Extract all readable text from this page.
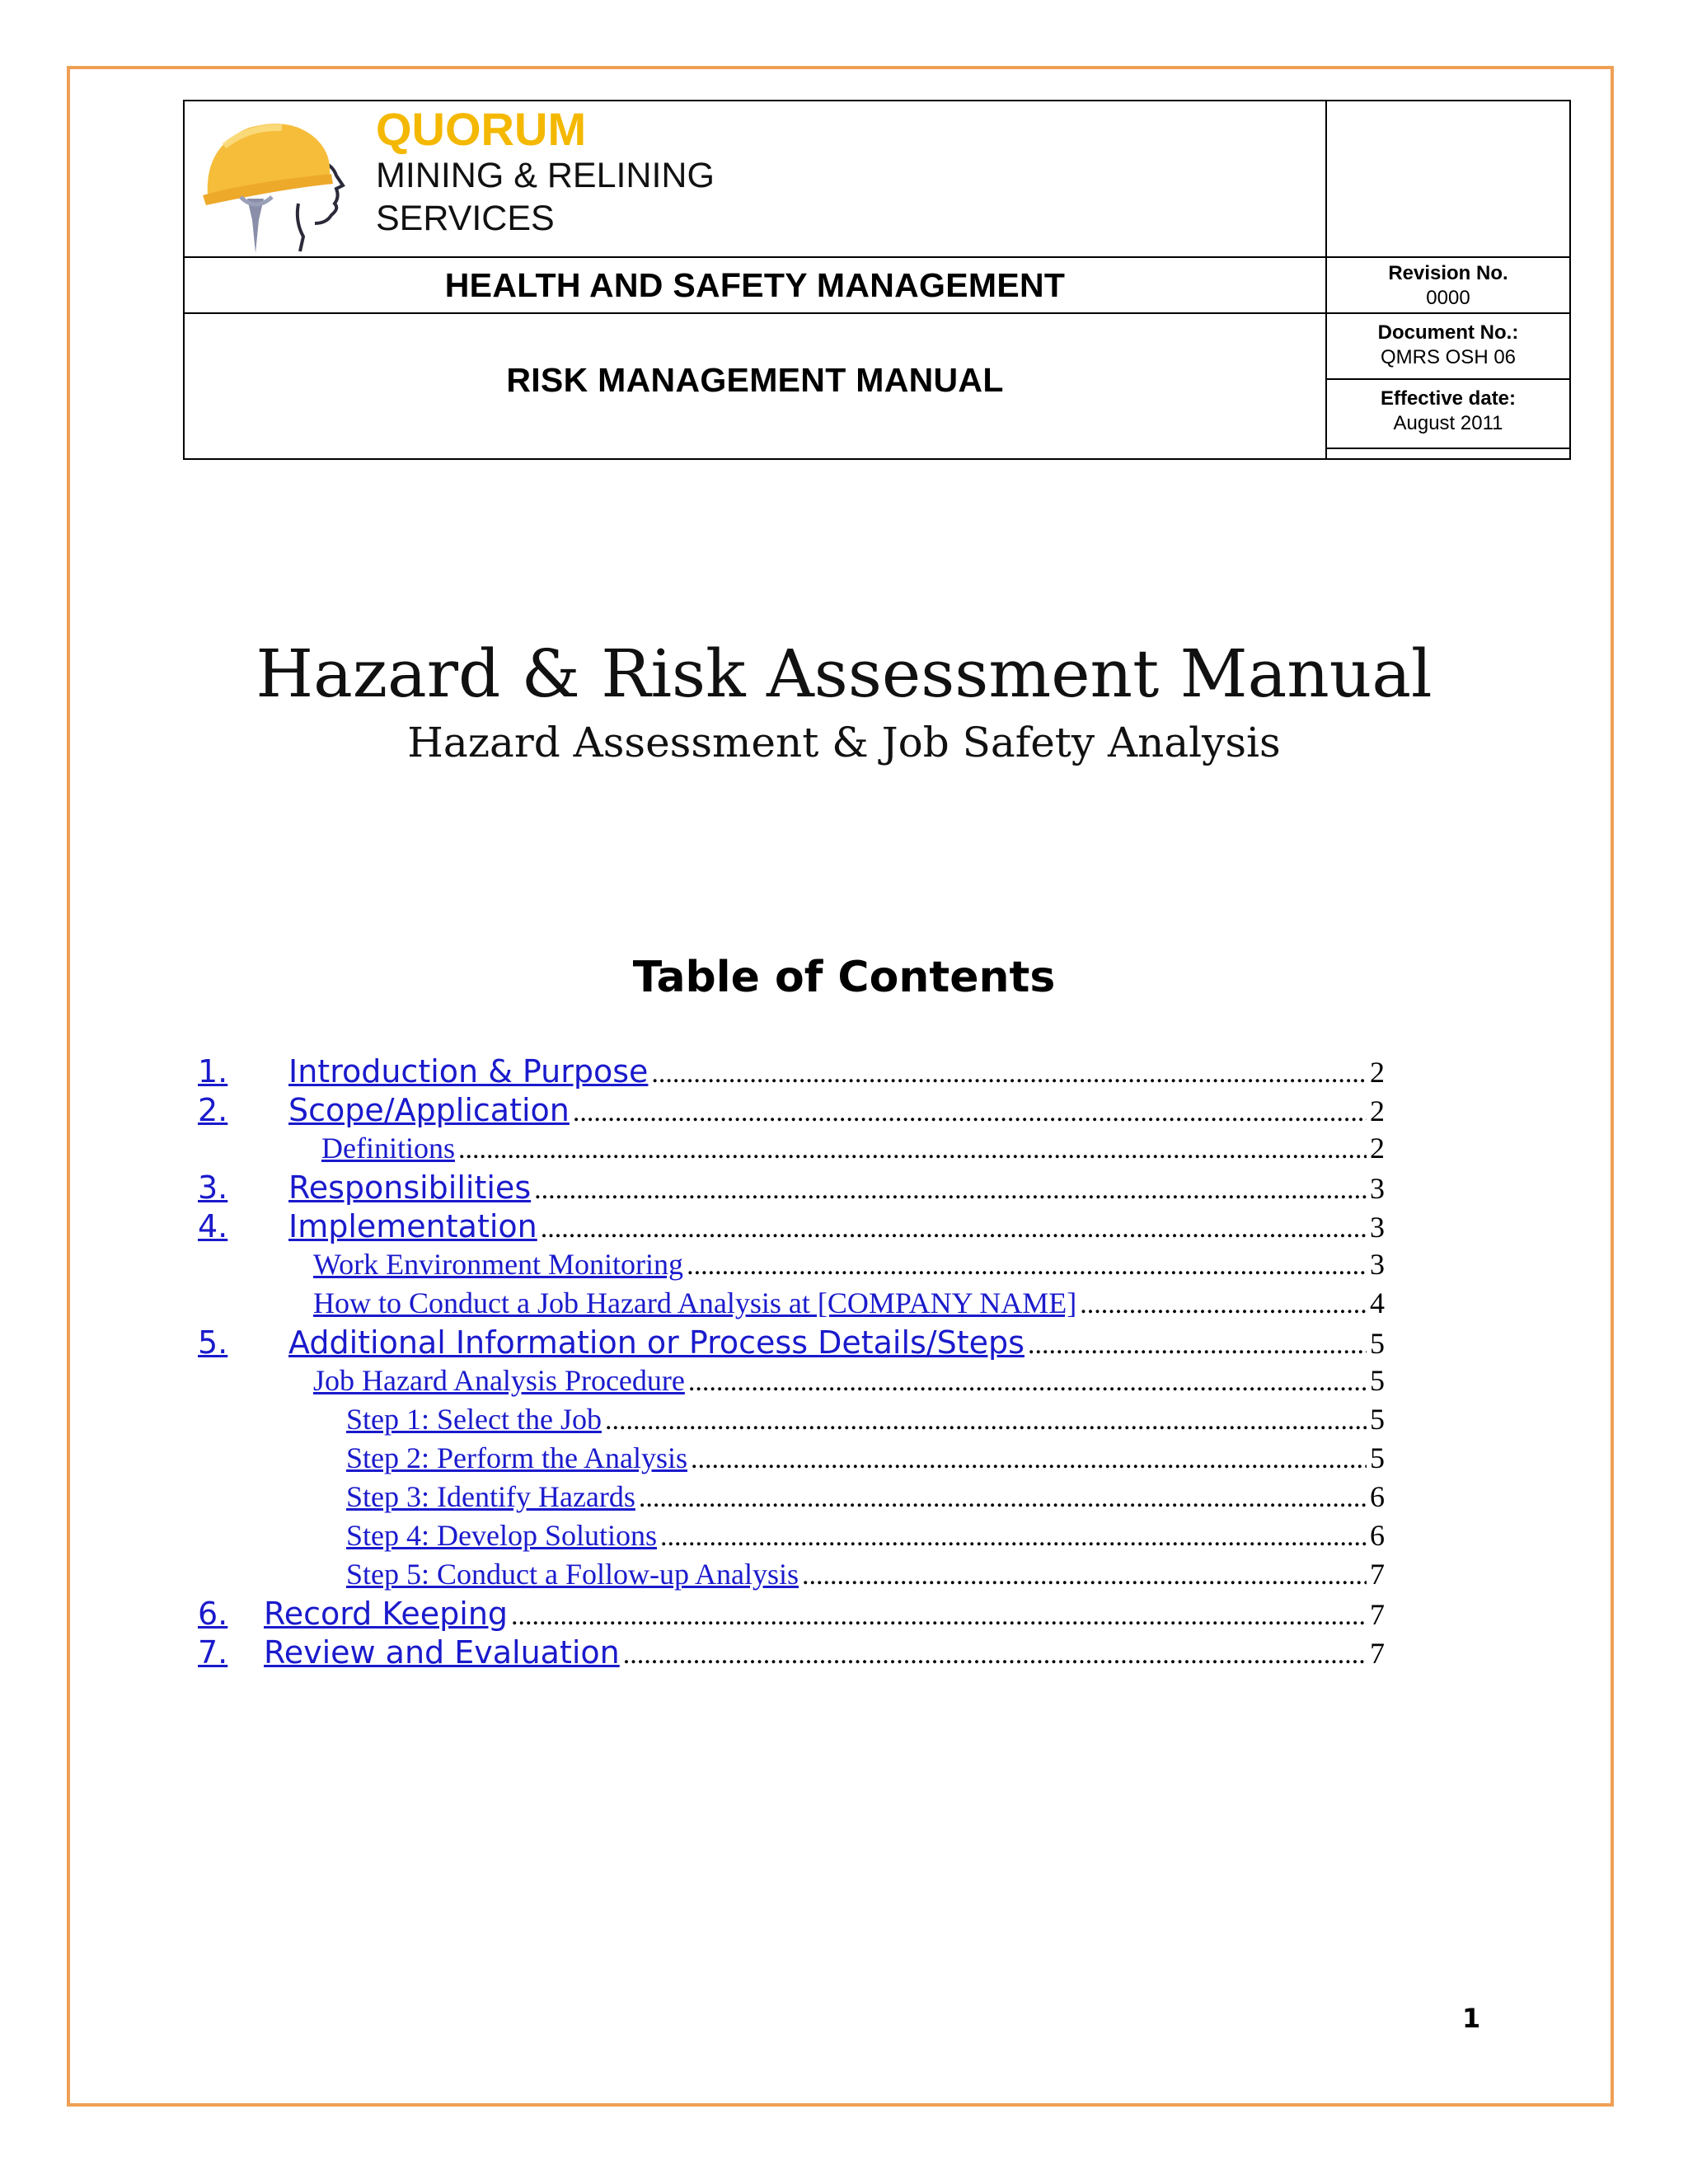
QUORUM
MINING & RELINING
SERVICES
HEALTH AND SAFETY MANAGEMENT	Revision No.
0000
RISK MANAGEMENT MANUAL
Document No.:
QMRS OSH 06
Effective date:
August 2011
Hazard & Risk Assessment Manual
Hazard Assessment & Job Safety Analysis
Table of Contents
1.	Introduction & Purpose .....	2
2.	Scope/Application .....	2
Definitions .....	2
3.	Responsibilities .....	3
4.	Implementation .....	3
Work Environment Monitoring .....	3
How to Conduct a Job Hazard Analysis at [COMPANY NAME] .....	4
5.	Additional Information or Process Details/Steps .....	5
Job Hazard Analysis Procedure .....	5
Step 1: Select the Job .....	5
Step 2: Perform the Analysis .....	5
Step 3: Identify Hazards .....	6
Step 4: Develop Solutions .....	6
Step 5: Conduct a Follow-up Analysis .....	7
6.	Record Keeping .....	7
7.	Review and Evaluation .....	7
1
